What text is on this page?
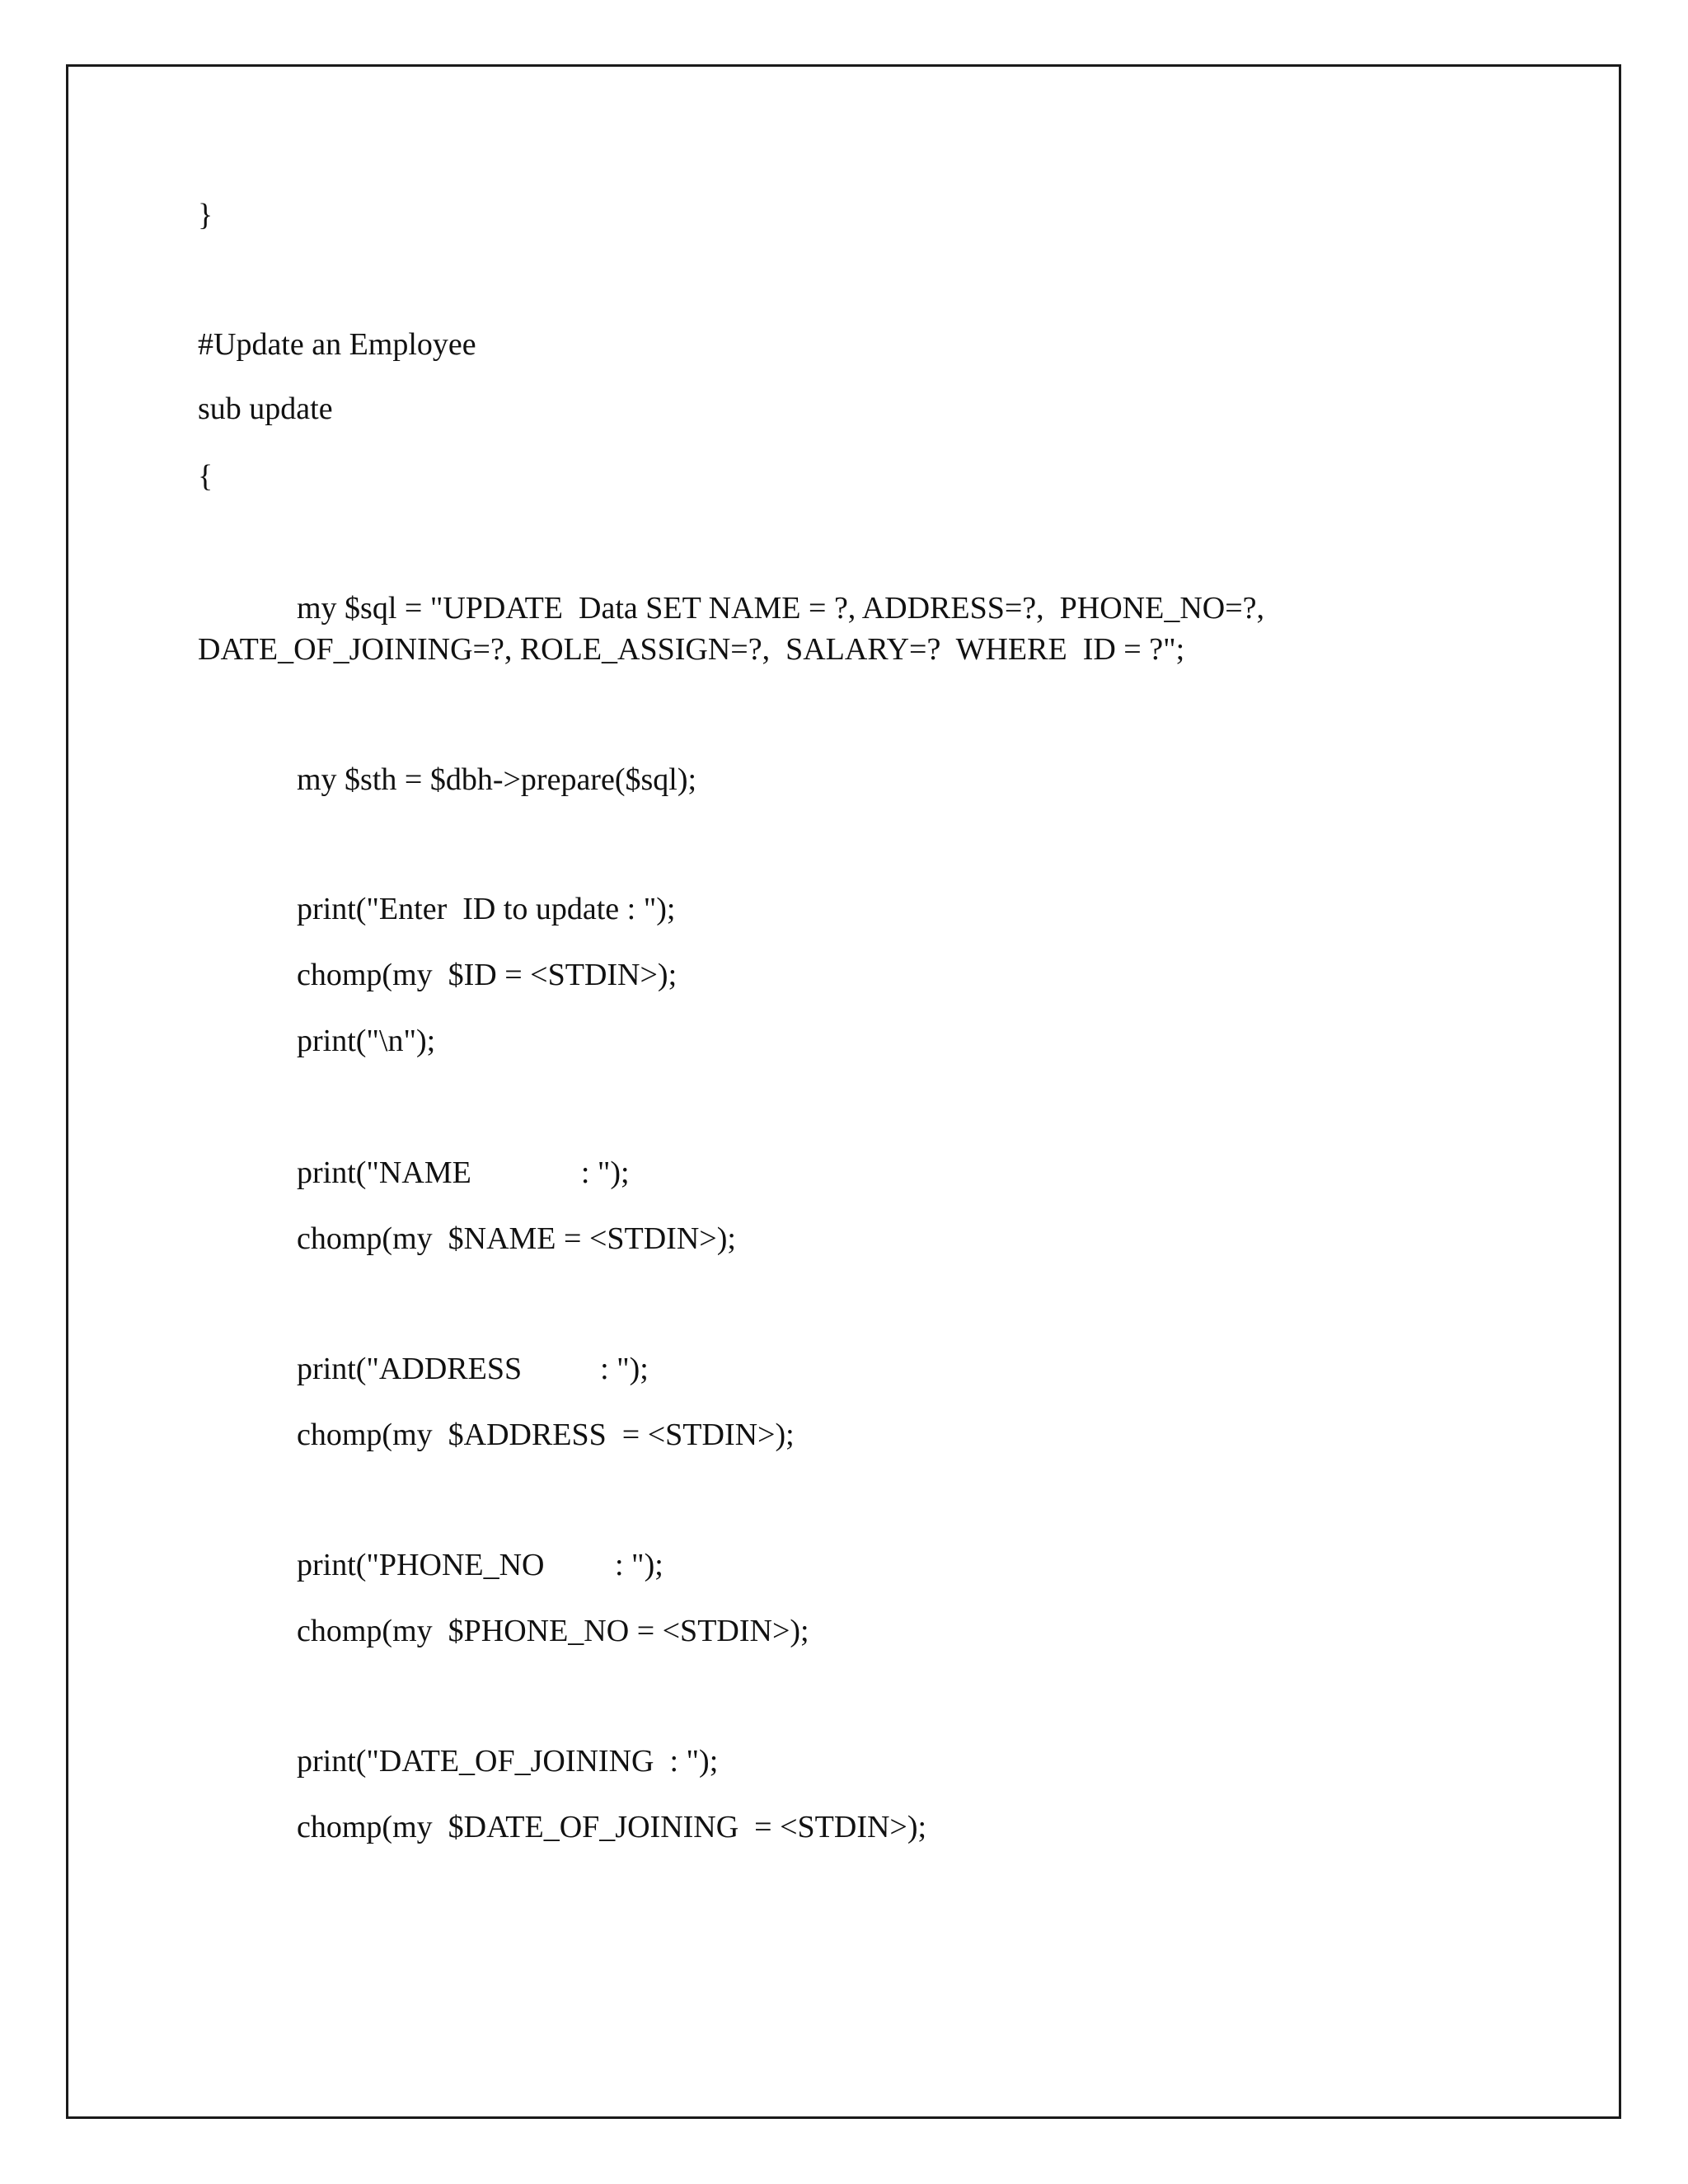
}

#Update an Employee

sub update

{

my $sql = "UPDATE  Data SET NAME = ?, ADDRESS=?,  PHONE_NO=?,

DATE_OF_JOINING=?, ROLE_ASSIGN=?,  SALARY=?  WHERE  ID = ?";

my $sth = $dbh->prepare($sql);

print("Enter  ID to update : ");

chomp(my  $ID = <STDIN>);

print("\n");

print("NAME              : ");

chomp(my  $NAME = <STDIN>);

print("ADDRESS          : ");

chomp(my  $ADDRESS  = <STDIN>);

print("PHONE_NO         : ");

chomp(my  $PHONE_NO = <STDIN>);

print("DATE_OF_JOINING  : ");

chomp(my  $DATE_OF_JOINING  = <STDIN>);
